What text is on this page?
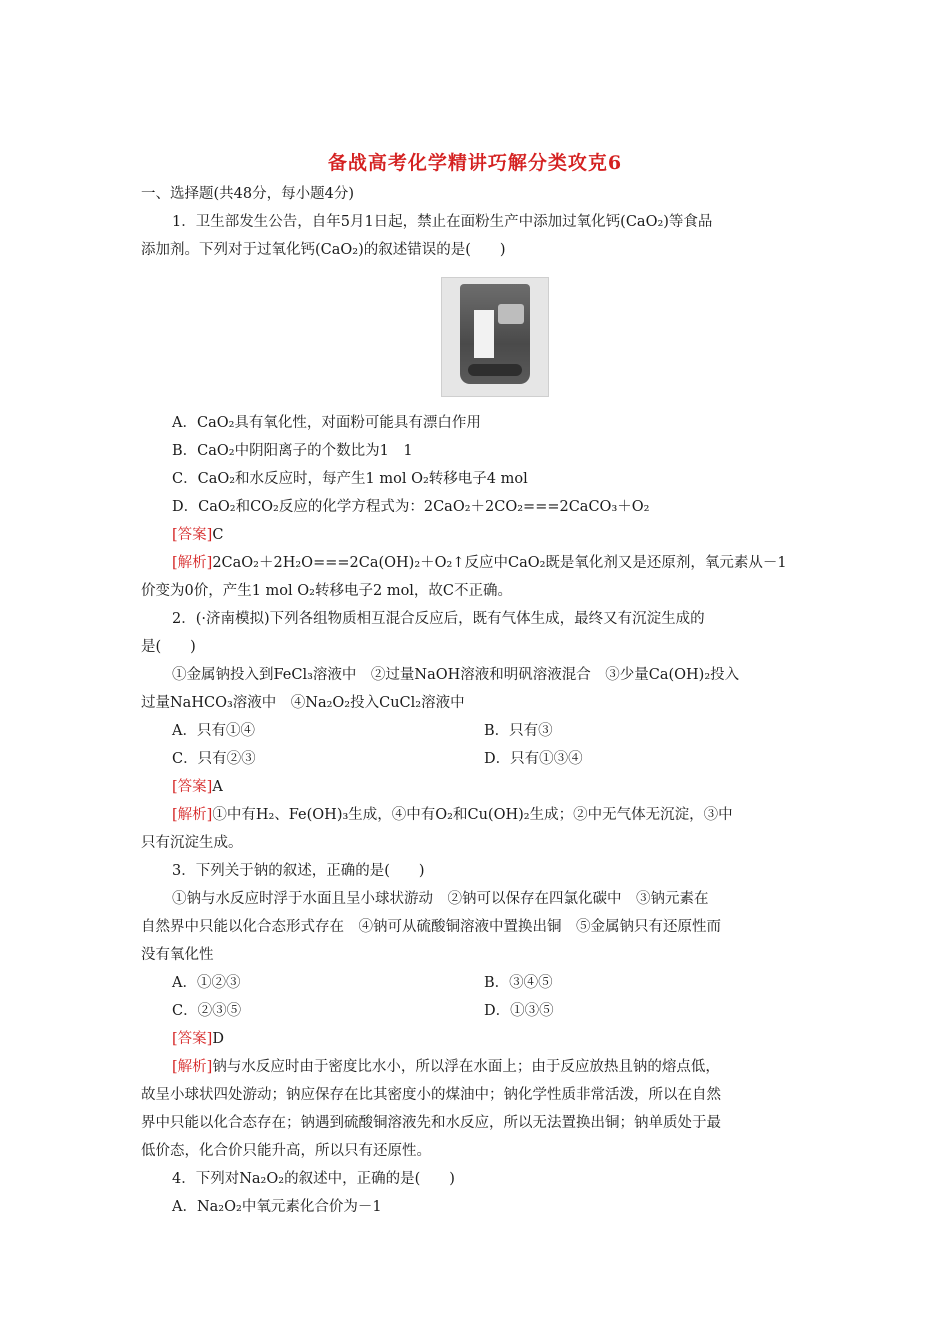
备战高考化学精讲巧解分类攻克6
一、选择题(共48分，每小题4分)
1．卫生部发生公告，自年5月1日起，禁止在面粉生产中添加过氧化钙(CaO₂)等食品
添加剂。下列对于过氧化钙(CaO₂)的叙述错误的是(　　)
A．CaO₂具有氧化性，对面粉可能具有漂白作用
B．CaO₂中阴阳离子的个数比为1　1
C．CaO₂和水反应时，每产生1 mol O₂转移电子4 mol
D．CaO₂和CO₂反应的化学方程式为：2CaO₂＋2CO₂===2CaCO₃＋O₂
[答案]C
[解析]2CaO₂＋2H₂O===2Ca(OH)₂＋O₂↑反应中CaO₂既是氧化剂又是还原剂，氧元素从－1
价变为0价，产生1 mol O₂转移电子2 mol，故C不正确。
2．(·济南模拟)下列各组物质相互混合反应后，既有气体生成，最终又有沉淀生成的
是(　　)
①金属钠投入到FeCl₃溶液中　②过量NaOH溶液和明矾溶液混合　③少量Ca(OH)₂投入
过量NaHCO₃溶液中　④Na₂O₂投入CuCl₂溶液中
A．只有①④	B．只有③
C．只有②③	D．只有①③④
[答案]A
[解析]①中有H₂、Fe(OH)₃生成，④中有O₂和Cu(OH)₂生成；②中无气体无沉淀，③中
只有沉淀生成。
3．下列关于钠的叙述，正确的是(　　)
①钠与水反应时浮于水面且呈小球状游动　②钠可以保存在四氯化碳中　③钠元素在
自然界中只能以化合态形式存在　④钠可从硫酸铜溶液中置换出铜　⑤金属钠只有还原性而
没有氧化性
A．①②③	B．③④⑤
C．②③⑤	D．①③⑤
[答案]D
[解析]钠与水反应时由于密度比水小，所以浮在水面上；由于反应放热且钠的熔点低，
故呈小球状四处游动；钠应保存在比其密度小的煤油中；钠化学性质非常活泼，所以在自然
界中只能以化合态存在；钠遇到硫酸铜溶液先和水反应，所以无法置换出铜；钠单质处于最
低价态，化合价只能升高，所以只有还原性。
4．下列对Na₂O₂的叙述中，正确的是(　　)
A．Na₂O₂中氧元素化合价为－1
